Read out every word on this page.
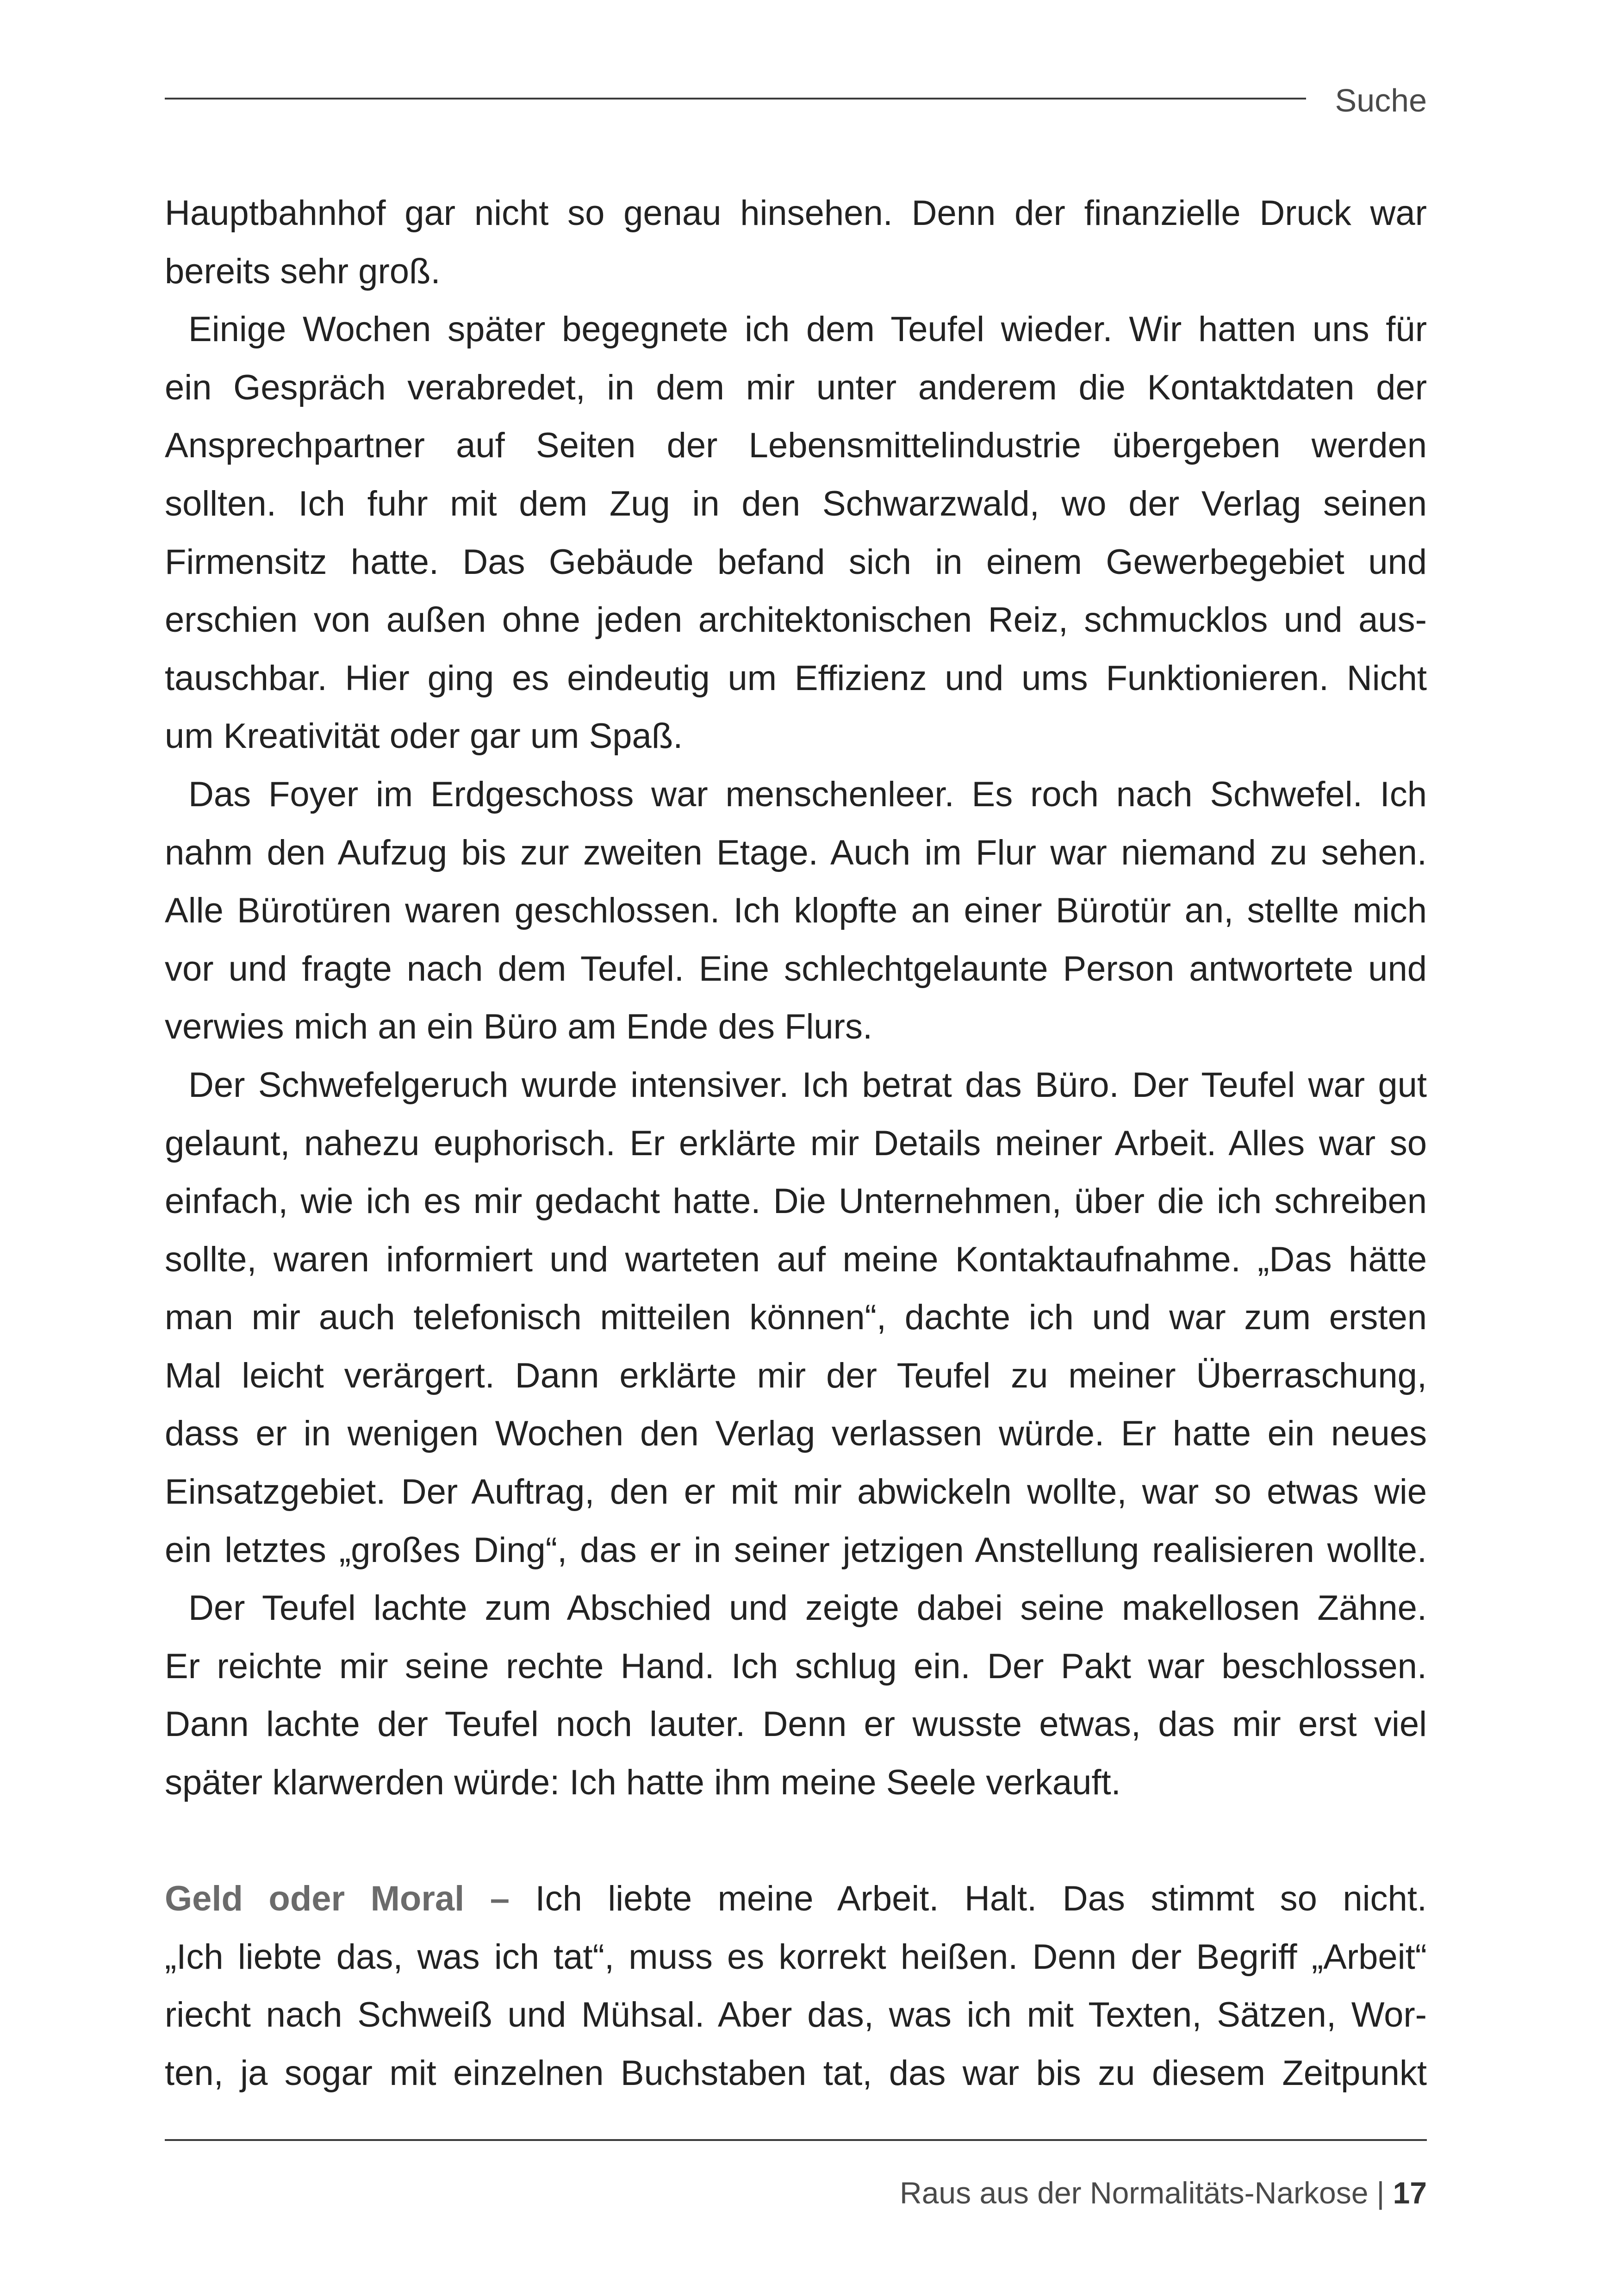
Suche
Hauptbahnhof gar nicht so genau hinsehen. Denn der finanzielle Druck war
bereits sehr groß.
Einige Wochen später begegnete ich dem Teufel wieder. Wir hatten uns für
ein Gespräch verabredet, in dem mir unter anderem die Kontaktdaten der
Ansprechpartner auf Seiten der Lebensmittelindustrie übergeben werden
sollten. Ich fuhr mit dem Zug in den Schwarzwald, wo der Verlag seinen
Firmensitz hatte. Das Gebäude befand sich in einem Gewerbegebiet und
erschien von außen ohne jeden architektonischen Reiz, schmucklos und aus-
tauschbar. Hier ging es eindeutig um Effizienz und ums Funktionieren. Nicht
um Kreativität oder gar um Spaß.
Das Foyer im Erdgeschoss war menschenleer. Es roch nach Schwefel. Ich
nahm den Aufzug bis zur zweiten Etage. Auch im Flur war niemand zu sehen.
Alle Bürotüren waren geschlossen. Ich klopfte an einer Bürotür an, stellte mich
vor und fragte nach dem Teufel. Eine schlechtgelaunte Person antwortete und
verwies mich an ein Büro am Ende des Flurs.
Der Schwefelgeruch wurde intensiver. Ich betrat das Büro. Der Teufel war gut
gelaunt, nahezu euphorisch. Er erklärte mir Details meiner Arbeit. Alles war so
einfach, wie ich es mir gedacht hatte. Die Unternehmen, über die ich schreiben
sollte, waren informiert und warteten auf meine Kontaktaufnahme. „Das hätte
man mir auch telefonisch mitteilen können“, dachte ich und war zum ersten
Mal leicht verärgert. Dann erklärte mir der Teufel zu meiner Überraschung,
dass er in wenigen Wochen den Verlag verlassen würde. Er hatte ein neues
Einsatzgebiet. Der Auftrag, den er mit mir abwickeln wollte, war so etwas wie
ein letztes „großes Ding“, das er in seiner jetzigen Anstellung realisieren wollte.
Der Teufel lachte zum Abschied und zeigte dabei seine makellosen Zähne.
Er reichte mir seine rechte Hand. Ich schlug ein. Der Pakt war beschlossen.
Dann lachte der Teufel noch lauter. Denn er wusste etwas, das mir erst viel
später klarwerden würde: Ich hatte ihm meine Seele verkauft.
Geld oder Moral – Ich liebte meine Arbeit. Halt. Das stimmt so nicht.
„Ich liebte das, was ich tat“, muss es korrekt heißen. Denn der Begriff „Arbeit“
riecht nach Schweiß und Mühsal. Aber das, was ich mit Texten, Sätzen, Wor-
ten, ja sogar mit einzelnen Buchstaben tat, das war bis zu diesem Zeitpunkt
Raus aus der Normalitäts-Narkose | 17
